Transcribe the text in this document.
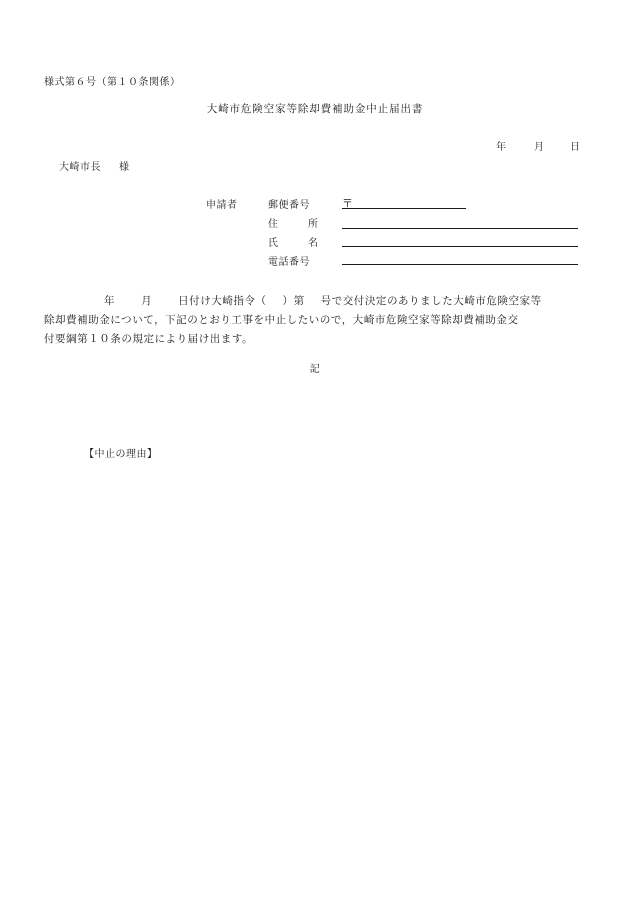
様式第６号（第１０条関係）
大崎市危険空家等除却費補助金中止届出書
年	月	日
大崎市長 様
申請者	郵便番号	〒
住	所
氏	名
電話番号
年 月 日付け大崎指令（ ）第 号で交付決定のありました大崎市危険空家等
除却費補助金について，下記のとおり工事を中止したいので，大崎市危険空家等除却費補助金交
付要綱第１０条の規定により届け出ます。
記
【中止の理由】
